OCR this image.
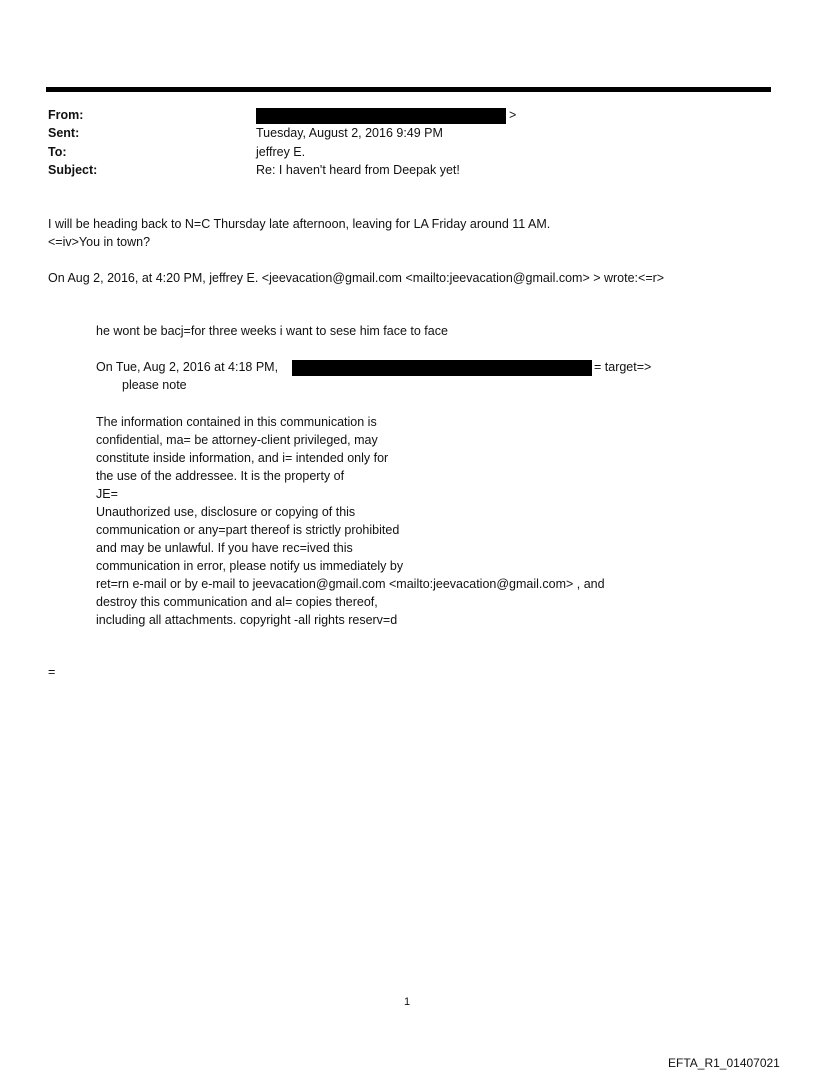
From:	>
Sent:	Tuesday, August 2, 2016 9:49 PM
To:	jeffrey E.
Subject:	Re: I haven't heard from Deepak yet!
I will be heading back to N=C Thursday late afternoon, leaving for LA Friday around 11 AM.
<=iv>You in town?
On Aug 2, 2016, at 4:20 PM, jeffrey E. <jeevacation@gmail.com <mailto:jeevacation@gmail.com> > wrote:<=r>
he wont be bacj=for three weeks i want to sese him face to face
On Tue, Aug 2, 2016 at 4:18 PM,	= target=>
please note
The information contained in this communication is
confidential, ma= be attorney-client privileged, may
constitute inside information, and i= intended only for
the use of the addressee. It is the property of
JE=
Unauthorized use, disclosure or copying of this
communication or any=part thereof is strictly prohibited
and may be unlawful. If you have rec=ived this
communication in error, please notify us immediately by
ret=rn e-mail or by e-mail to jeevacation@gmail.com <mailto:jeevacation@gmail.com> , and
destroy this communication and al= copies thereof,
including all attachments. copyright -all rights reserv=d
=
1
EFTA_R1_01407021
